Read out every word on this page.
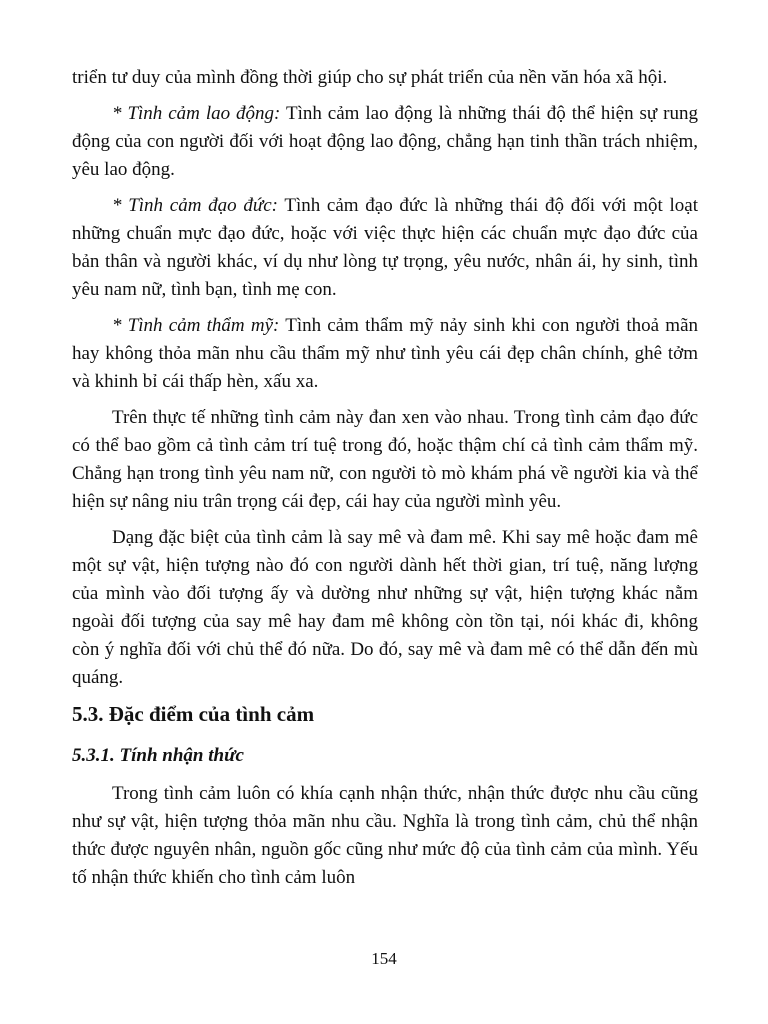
triển tư duy của mình đồng thời giúp cho sự phát triển của nền văn hóa xã hội.

* Tình cảm lao động: Tình cảm lao động là những thái độ thể hiện sự rung động của con người đối với hoạt động lao động, chẳng hạn tinh thần trách nhiệm, yêu lao động.

* Tình cảm đạo đức: Tình cảm đạo đức là những thái độ đối với một loạt những chuẩn mực đạo đức, hoặc với việc thực hiện các chuẩn mực đạo đức của bản thân và người khác, ví dụ như lòng tự trọng, yêu nước, nhân ái, hy sinh, tình yêu nam nữ, tình bạn, tình mẹ con.

* Tình cảm thẩm mỹ: Tình cảm thẩm mỹ nảy sinh khi con người thoả mãn hay không thỏa mãn nhu cầu thẩm mỹ như tình yêu cái đẹp chân chính, ghê tởm và khinh bỉ cái thấp hèn, xấu xa.

Trên thực tế những tình cảm này đan xen vào nhau. Trong tình cảm đạo đức có thể bao gồm cả tình cảm trí tuệ trong đó, hoặc thậm chí cả tình cảm thẩm mỹ. Chẳng hạn trong tình yêu nam nữ, con người tò mò khám phá về người kia và thể hiện sự nâng niu trân trọng cái đẹp, cái hay của người mình yêu.

Dạng đặc biệt của tình cảm là say mê và đam mê. Khi say mê hoặc đam mê một sự vật, hiện tượng nào đó con người dành hết thời gian, trí tuệ, năng lượng của mình vào đối tượng ấy và dường như những sự vật, hiện tượng khác nằm ngoài đối tượng của say mê hay đam mê không còn tồn tại, nói khác đi, không còn ý nghĩa đối với chủ thể đó nữa. Do đó, say mê và đam mê có thể dẫn đến mù quáng.

5.3. Đặc điểm của tình cảm
5.3.1. Tính nhận thức

Trong tình cảm luôn có khía cạnh nhận thức, nhận thức được nhu cầu cũng như sự vật, hiện tượng thỏa mãn nhu cầu. Nghĩa là trong tình cảm, chủ thể nhận thức được nguyên nhân, nguồn gốc cũng như mức độ của tình cảm của mình. Yếu tố nhận thức khiến cho tình cảm luôn

154
